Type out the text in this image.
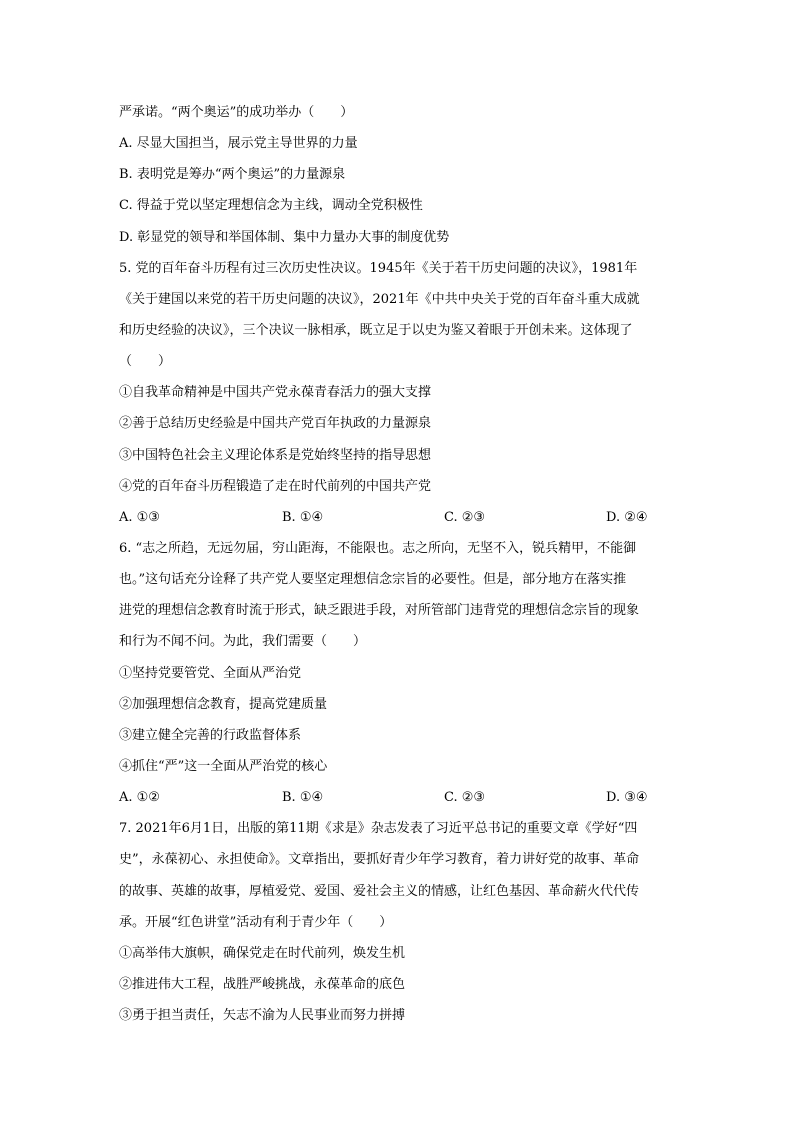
严承诺。“两个奥运”的成功举办（　　）
A. 尽显大国担当，展示党主导世界的力量
B. 表明党是筹办“两个奥运”的力量源泉
C. 得益于党以坚定理想信念为主线，调动全党积极性
D. 彰显党的领导和举国体制、集中力量办大事的制度优势
5. 党的百年奋斗历程有过三次历史性决议。1945年《关于若干历史问题的决议》，1981年
《关于建国以来党的若干历史问题的决议》，2021年《中共中央关于党的百年奋斗重大成就
和历史经验的决议》，三个决议一脉相承，既立足于以史为鉴又着眼于开创未来。这体现了
（　　）
①自我革命精神是中国共产党永葆青春活力的强大支撑
②善于总结历史经验是中国共产党百年执政的力量源泉
③中国特色社会主义理论体系是党始终坚持的指导思想
④党的百年奋斗历程锻造了走在时代前列的中国共产党
A. ①③	B. ①④	C. ②③	D. ②④
6. “志之所趋，无远勿届，穷山距海，不能限也。志之所向，无坚不入，锐兵精甲，不能御
也。”这句话充分诠释了共产党人要坚定理想信念宗旨的必要性。但是，部分地方在落实推
进党的理想信念教育时流于形式，缺乏跟进手段，对所管部门违背党的理想信念宗旨的现象
和行为不闻不问。为此，我们需要（　　）
①坚持党要管党、全面从严治党
②加强理想信念教育，提高党建质量
③建立健全完善的行政监督体系
④抓住“严”这一全面从严治党的核心
A. ①②	B. ①④	C. ②③	D. ③④
7. 2021年6月1日，出版的第11期《求是》杂志发表了习近平总书记的重要文章《学好“四
史”，永葆初心、永担使命》。文章指出，要抓好青少年学习教育，着力讲好党的故事、革命
的故事、英雄的故事，厚植爱党、爱国、爱社会主义的情感，让红色基因、革命薪火代代传
承。开展“红色讲堂”活动有利于青少年（　　）
①高举伟大旗帜，确保党走在时代前列，焕发生机
②推进伟大工程，战胜严峻挑战，永葆革命的底色
③勇于担当责任，矢志不渝为人民事业而努力拼搏
